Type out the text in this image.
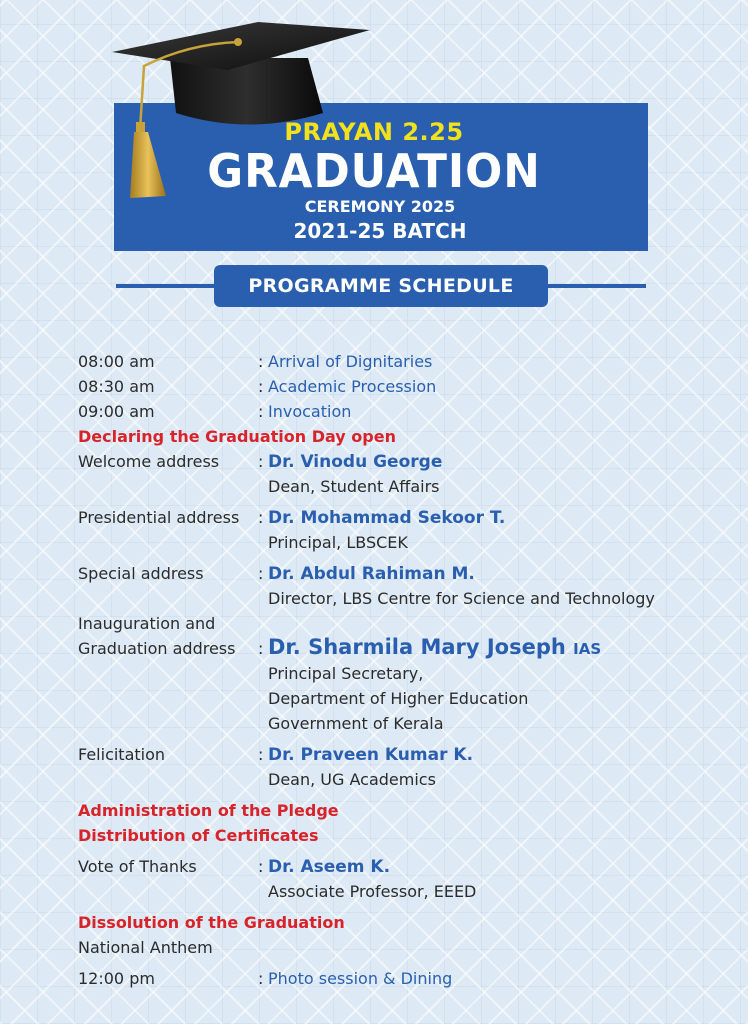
PRAYAN 2.25
GRADUATION
CEREMONY 2025
2021-25 BATCH
PROGRAMME SCHEDULE
08:00 am	: Arrival of Dignitaries
08:30 am	: Academic Procession
09:00 am	: Invocation
Declaring the Graduation Day open
Welcome address : Dr. Vinodu George
Dean, Student Affairs
Presidential address : Dr. Mohammad Sekoor T.
Principal, LBSCEK
Special address	: Dr. Abdul Rahiman M.
Director, LBS Centre for Science and Technology
Inauguration and
Graduation address : Dr. Sharmila Mary Joseph IAS
Principal Secretary,
Department of Higher Education
Government of Kerala
Felicitation	: Dr. Praveen Kumar K.
Dean, UG Academics
Administration of the Pledge
Distribution of Certificates
Vote of Thanks	: Dr. Aseem K.
Associate Professor, EEED
Dissolution of the Graduation
National Anthem
12:00 pm	: Photo session & Dining
